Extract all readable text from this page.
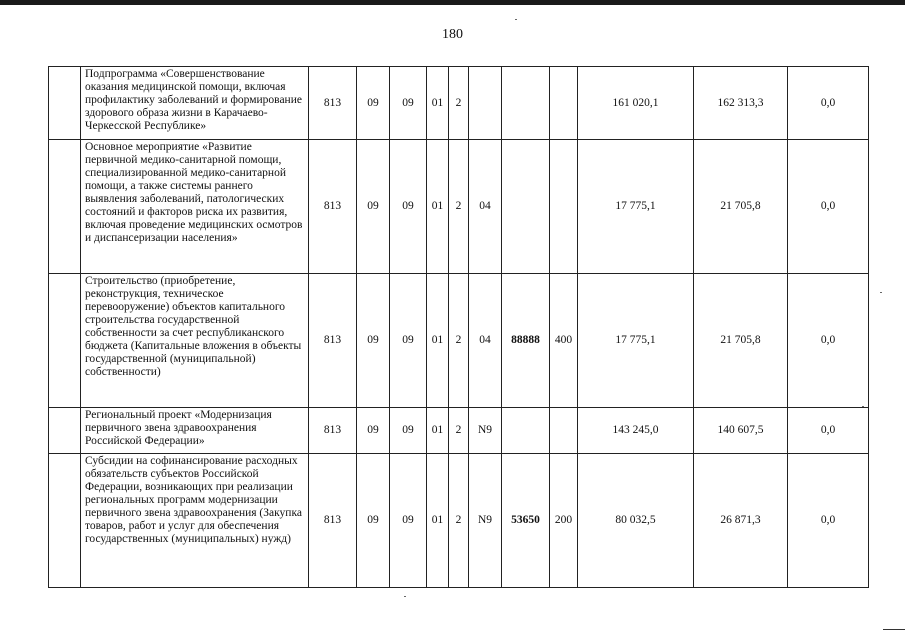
180
	Подпрограмма «Совершенствование оказания медицинской помощи, включая профилактику заболеваний и формирование здорового образа жизни в Карачаево-Черкесской Республике»	813	09	09	01	2				161 020,1	162 313,3	0,0
	Основное мероприятие «Развитие первичной медико-санитарной помощи, специализированной медико-санитарной помощи, а также системы раннего выявления заболеваний, патологических состояний и факторов риска их развития, включая проведение медицинских осмотров и диспансеризации населения»	813	09	09	01	2	04			17 775,1	21 705,8	0,0
	Строительство (приобретение, реконструкция, техническое перевооружение) объектов капитального строительства государственной собственности за счет республиканского бюджета (Капитальные вложения в объекты государственной (муниципальной) собственности)	813	09	09	01	2	04	88888	400	17 775,1	21 705,8	0,0
	Региональный проект «Модернизация первичного звена здравоохранения Российской Федерации»	813	09	09	01	2	N9			143 245,0	140 607,5	0,0
	Субсидии на софинансирование расходных обязательств субъектов Российской Федерации, возникающих при реализации региональных программ модернизации первичного звена здравоохранения (Закупка товаров, работ и услуг для обеспечения государственных (муниципальных) нужд)	813	09	09	01	2	N9	53650	200	80 032,5	26 871,3	0,0
